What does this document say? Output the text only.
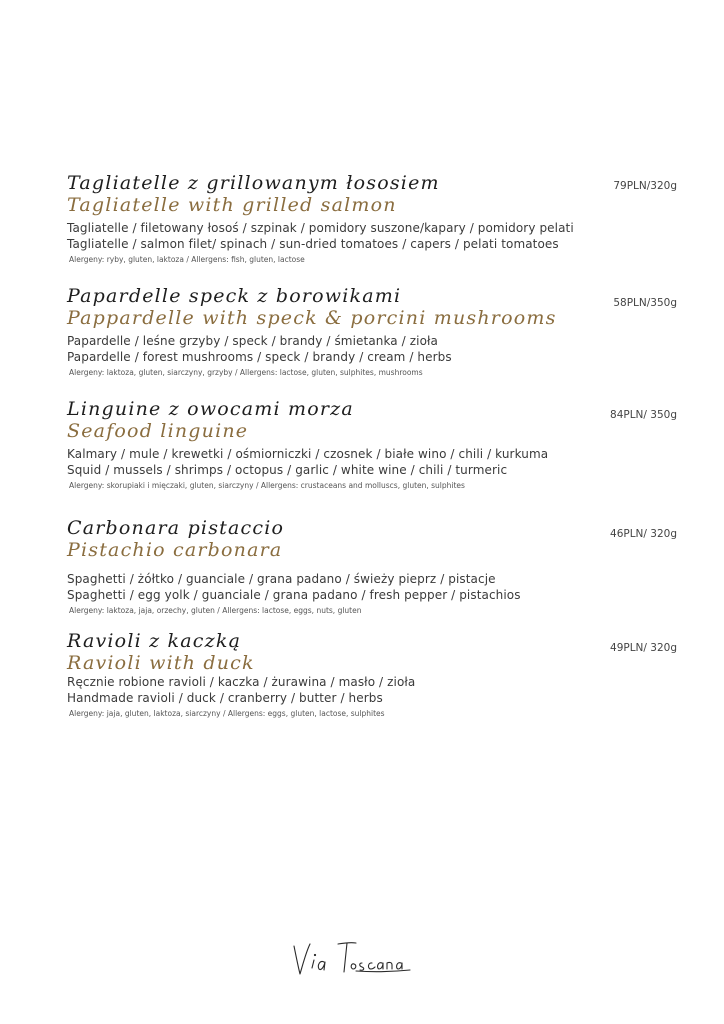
Tagliatelle z grillowanym łososiem
Tagliatelle with grilled salmon
Tagliatelle / filetowany łosoś / szpinak / pomidory suszone/kapary / pomidory pelati
Tagliatelle / salmon filet/ spinach / sun-dried tomatoes / capers / pelati tomatoes
Alergeny: ryby, gluten, laktoza / Allergens: fish, gluten, lactose
79PLN/320g
Papardelle speck z borowikami
Pappardelle with speck & porcini mushrooms
Papardelle / leśne grzyby / speck / brandy / śmietanka / zioła
Papardelle / forest mushrooms / speck / brandy / cream / herbs
Alergeny: laktoza, gluten, siarczyny, grzyby / Allergens: lactose, gluten, sulphites, mushrooms
58PLN/350g
Linguine z owocami morza
Seafood linguine
Kalmary / mule / krewetki / ośmiorniczki / czosnek / białe wino / chili / kurkuma
Squid / mussels / shrimps / octopus / garlic / white wine / chili / turmeric
Alergeny: skorupiaki i mięczaki, gluten, siarczyny / Allergens: crustaceans and molluscs, gluten, sulphites
84PLN/ 350g
Carbonara pistaccio
Pistachio carbonara
Spaghetti / żółtko / guanciale / grana padano / świeży pieprz / pistacje
Spaghetti / egg yolk / guanciale / grana padano / fresh pepper / pistachios
Alergeny: laktoza, jaja, orzechy, gluten / Allergens: lactose, eggs, nuts, gluten
46PLN/ 320g
Ravioli z kaczką
Ravioli with duck
Ręcznie robione ravioli / kaczka / żurawina / masło / zioła
Handmade ravioli / duck / cranberry / butter / herbs
Alergeny: jaja, gluten, laktoza, siarczyny / Allergens: eggs, gluten, lactose, sulphites
49PLN/ 320g
